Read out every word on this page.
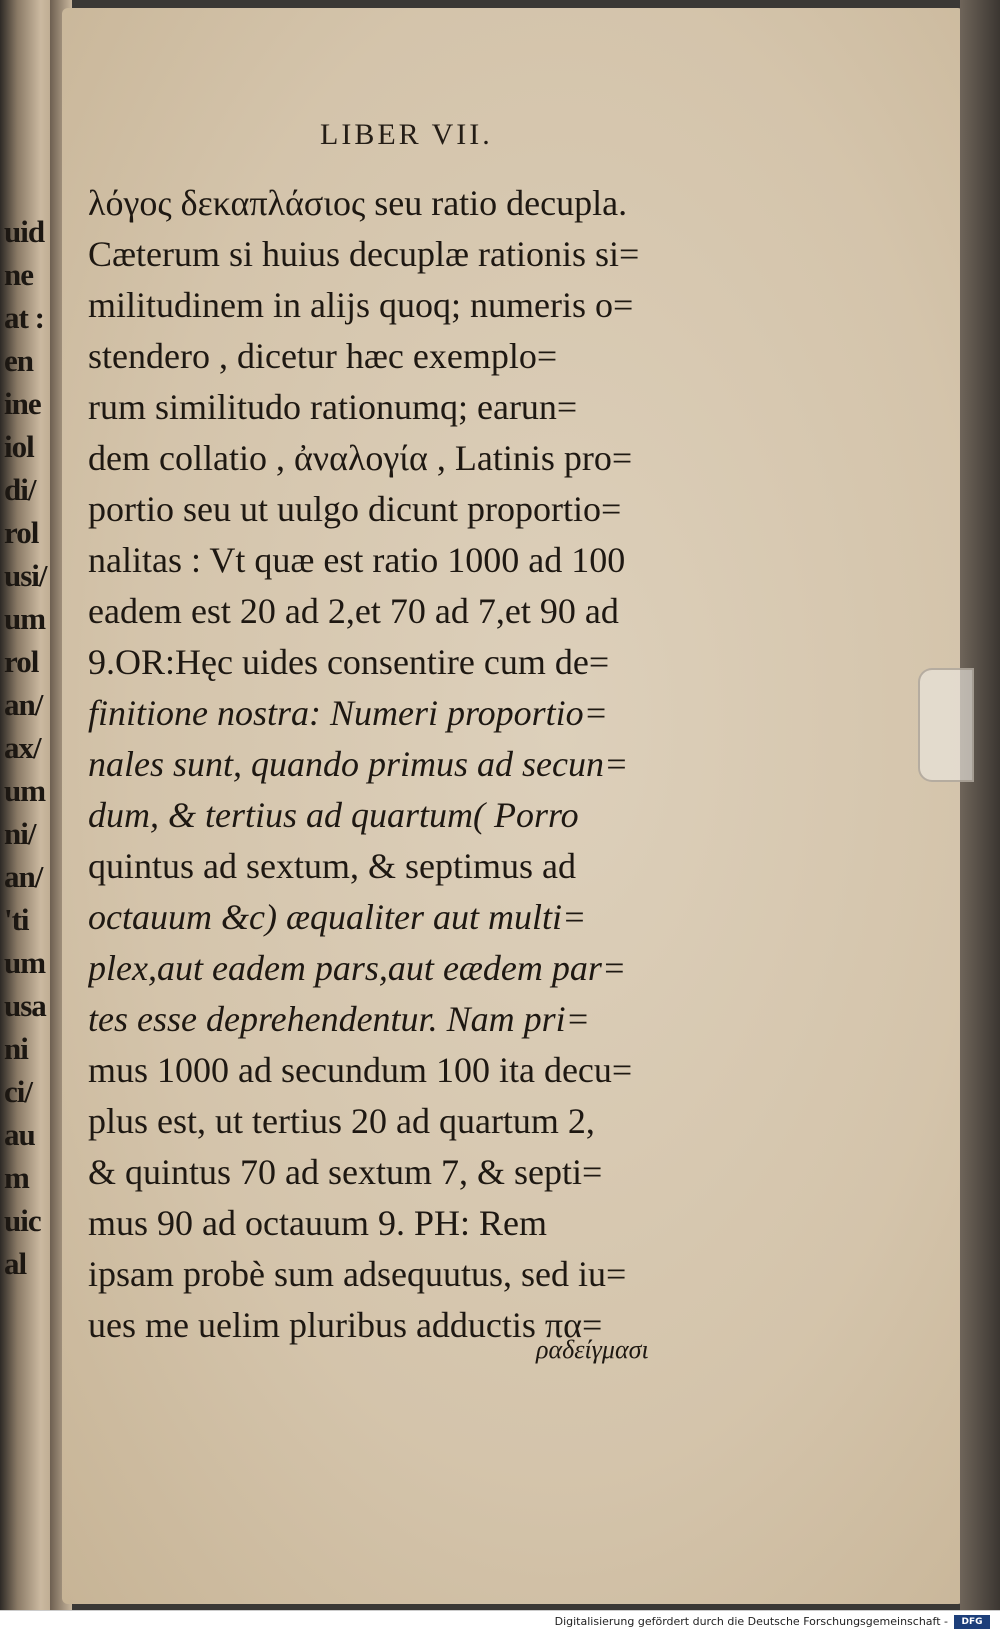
uid
ne
at :
en
ine
iol
di/
rol
usi/
um
rol
an/
ax/
um
ni/
an/
'ti
um
usa
ni
ci/
au
m
uic
al
LIBER VII.
λόγος δεκαπλάσιος seu ratio decupla.
Cæterum si huius decuplæ rationis si=
militudinem in alijs quoq; numeris o=
stendero , dicetur hæc exemplo=
rum similitudo rationumq; earun=
dem collatio , ἀναλογία , Latinis pro=
portio seu ut uulgo dicunt proportio=
nalitas : Vt quæ est ratio 1000 ad 100
eadem est 20 ad 2,et 70 ad 7,et 90 ad
9.OR:Hęc uides consentire cum de=
finitione nostra: Numeri proportio=
nales sunt, quando primus ad secun=
dum, & tertius ad quartum( Porro
quintus ad sextum, & septimus ad
octauum &c) æqualiter aut multi=
plex,aut eadem pars,aut eædem par=
tes esse deprehendentur. Nam pri=
mus 1000 ad secundum 100 ita decu=
plus est, ut tertius 20 ad quartum 2,
& quintus 70 ad sextum 7, & septi=
mus 90 ad octauum 9. PH: Rem
ipsam probè sum adsequutus, sed iu=
ues me uelim pluribus adductis πα=
ραδείγμασι
Digitalisierung gefördert durch die Deutsche Forschungsgemeinschaft -	DFG
